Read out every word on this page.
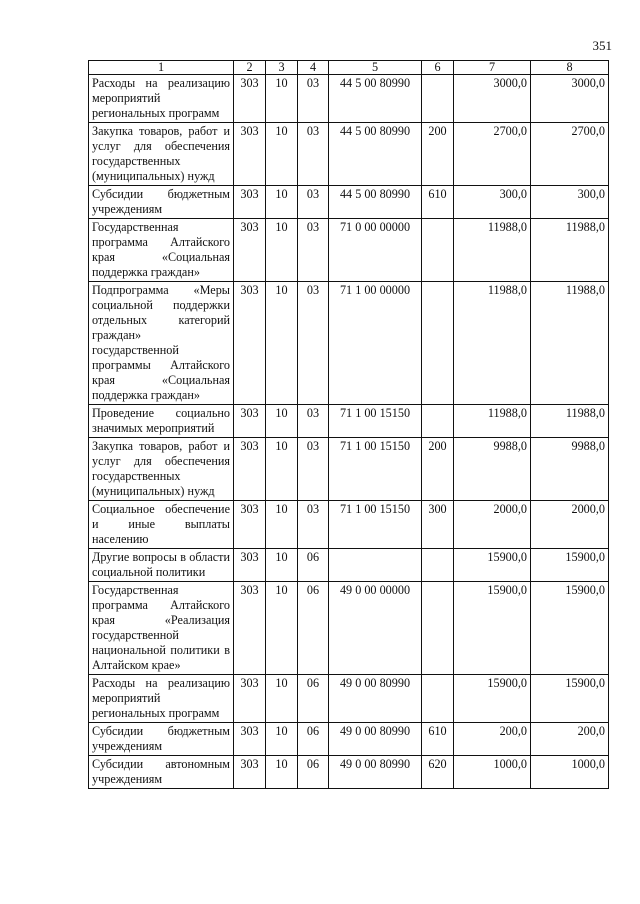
351
1	2	3	4	5	6	7	8
Расходы на реализацию мероприятий региональных программ	303	10	03	44 5 00 80990		3000,0	3000,0
Закупка товаров, работ и услуг для обеспечения государственных (муниципальных) нужд	303	10	03	44 5 00 80990	200	2700,0	2700,0
Субсидии бюджетным учреждениям	303	10	03	44 5 00 80990	610	300,0	300,0
Государственная программа Алтайского края «Социальная поддержка граждан»	303	10	03	71 0 00 00000		11988,0	11988,0
Подпрограмма «Меры социальной поддержки отдельных категорий граждан» государственной программы Алтайского края «Социальная поддержка граждан»	303	10	03	71 1 00 00000		11988,0	11988,0
Проведение социально значимых мероприятий	303	10	03	71 1 00 15150		11988,0	11988,0
Закупка товаров, работ и услуг для обеспечения государственных (муниципальных) нужд	303	10	03	71 1 00 15150	200	9988,0	9988,0
Социальное обеспечение и иные выплаты населению	303	10	03	71 1 00 15150	300	2000,0	2000,0
Другие вопросы в области социальной политики	303	10	06			15900,0	15900,0
Государственная программа Алтайского края «Реализация государственной национальной политики в Алтайском крае»	303	10	06	49 0 00 00000		15900,0	15900,0
Расходы на реализацию мероприятий региональных программ	303	10	06	49 0 00 80990		15900,0	15900,0
Субсидии бюджетным учреждениям	303	10	06	49 0 00 80990	610	200,0	200,0
Субсидии автономным учреждениям	303	10	06	49 0 00 80990	620	1000,0	1000,0
